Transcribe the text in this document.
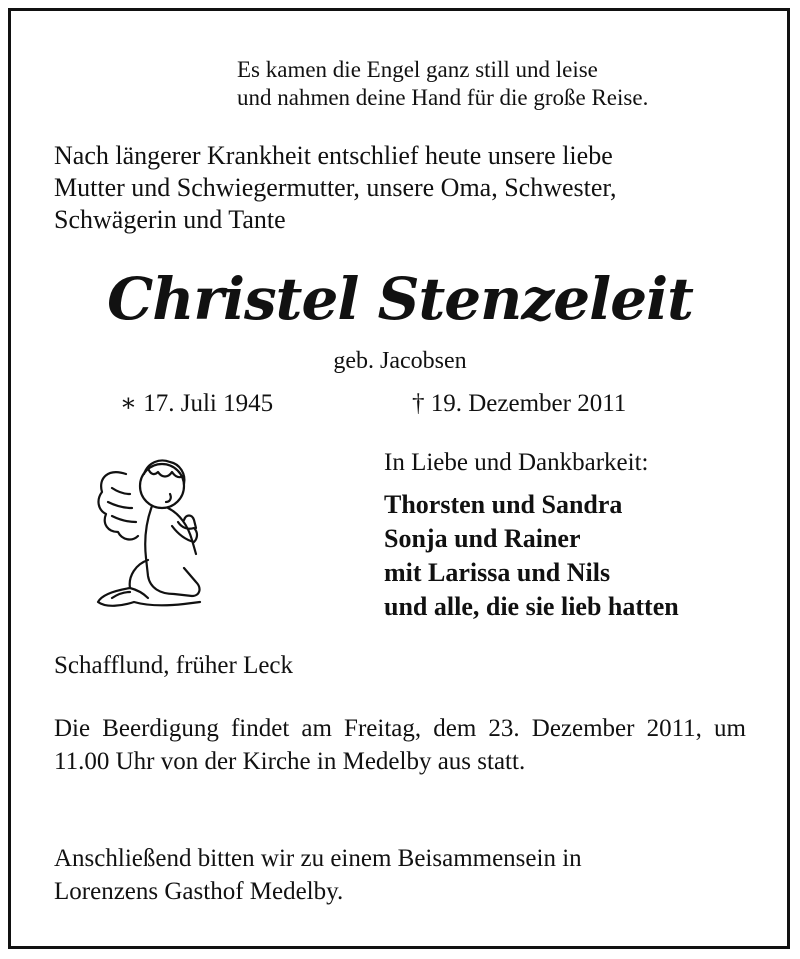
Es kamen die Engel ganz still und leise
und nahmen deine Hand für die große Reise.
Nach längerer Krankheit entschlief heute unsere liebe
Mutter und Schwiegermutter, unsere Oma, Schwester,
Schwägerin und Tante
Christel Stenzeleit
geb. Jacobsen
∗ 17. Juli 1945	† 19. Dezember 2011
In Liebe und Dankbarkeit:
Thorsten und Sandra
Sonja und Rainer
mit Larissa und Nils
und alle, die sie lieb hatten
Schafflund, früher Leck
Die Beerdigung findet am Freitag, dem 23. Dezember 2011, um 11.00 Uhr von der Kirche in Medelby aus statt.
Anschließend bitten wir zu einem Beisammensein in
Lorenzens Gasthof Medelby.
